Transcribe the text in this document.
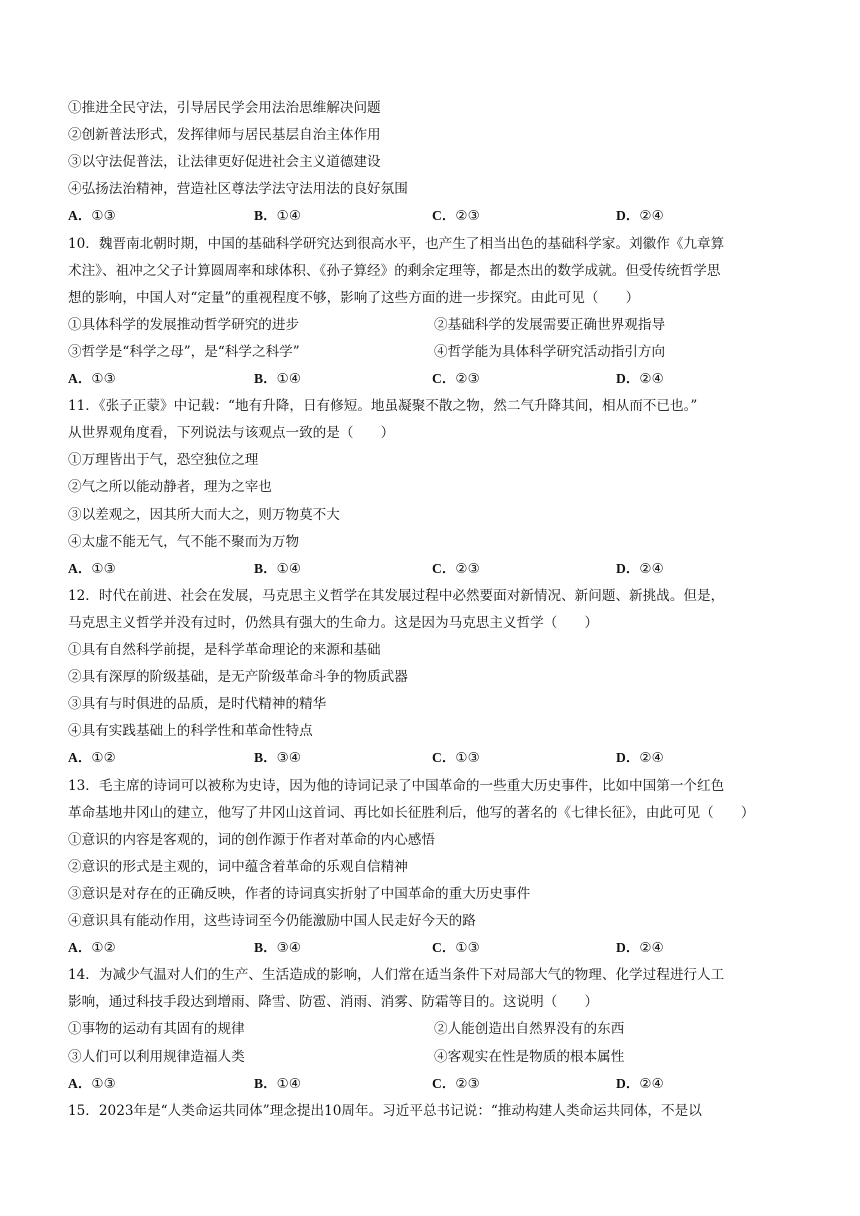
①推进全民守法，引导居民学会用法治思维解决问题
②创新普法形式，发挥律师与居民基层自治主体作用
③以守法促普法，让法律更好促进社会主义道德建设
④弘扬法治精神，营造社区尊法学法守法用法的良好氛围
A．①③	B．①④	C．②③	D．②④
10．魏晋南北朝时期，中国的基础科学研究达到很高水平，也产生了相当出色的基础科学家。刘徽作《九章算
术注》、祖冲之父子计算圆周率和球体积、《孙子算经》的剩余定理等，都是杰出的数学成就。但受传统哲学思
想的影响，中国人对“定量”的重视程度不够，影响了这些方面的进一步探究。由此可见（　　）
①具体科学的发展推动哲学研究的进步	②基础科学的发展需要正确世界观指导
③哲学是“科学之母”，是“科学之科学”	④哲学能为具体科学研究活动指引方向
A．①③	B．①④	C．②③	D．②④
11．《张子正蒙》中记载：“地有升降，日有修短。地虽凝聚不散之物，然二气升降其间，相从而不已也。”
从世界观角度看，下列说法与该观点一致的是（　　）
①万理皆出于气，恐空独位之理
②气之所以能动静者，理为之宰也
③以差观之，因其所大而大之，则万物莫不大
④太虚不能无气，气不能不聚而为万物
A．①③	B．①④	C．②③	D．②④
12．时代在前进、社会在发展，马克思主义哲学在其发展过程中必然要面对新情况、新问题、新挑战。但是，
马克思主义哲学并没有过时，仍然具有强大的生命力。这是因为马克思主义哲学（　　）
①具有自然科学前提，是科学革命理论的来源和基础
②具有深厚的阶级基础，是无产阶级革命斗争的物质武器
③具有与时俱进的品质，是时代精神的精华
④具有实践基础上的科学性和革命性特点
A．①②	B．③④	C．①③	D．②④
13．毛主席的诗词可以被称为史诗，因为他的诗词记录了中国革命的一些重大历史事件，比如中国第一个红色
革命基地井冈山的建立，他写了井冈山这首词、再比如长征胜利后，他写的著名的《七律长征》，由此可见（　　）
①意识的内容是客观的，词的创作源于作者对革命的内心感悟
②意识的形式是主观的，词中蕴含着革命的乐观自信精神
③意识是对存在的正确反映，作者的诗词真实折射了中国革命的重大历史事件
④意识具有能动作用，这些诗词至今仍能激励中国人民走好今天的路
A．①②	B．③④	C．①③	D．②④
14．为减少气温对人们的生产、生活造成的影响，人们常在适当条件下对局部大气的物理、化学过程进行人工
影响，通过科技手段达到增雨、降雪、防雹、消雨、消雾、防霜等目的。这说明（　　）
①事物的运动有其固有的规律	②人能创造出自然界没有的东西
③人们可以利用规律造福人类	④客观实在性是物质的根本属性
A．①③	B．①④	C．②③	D．②④
15．2023年是“人类命运共同体”理念提出10周年。习近平总书记说：“推动构建人类命运共同体，不是以
